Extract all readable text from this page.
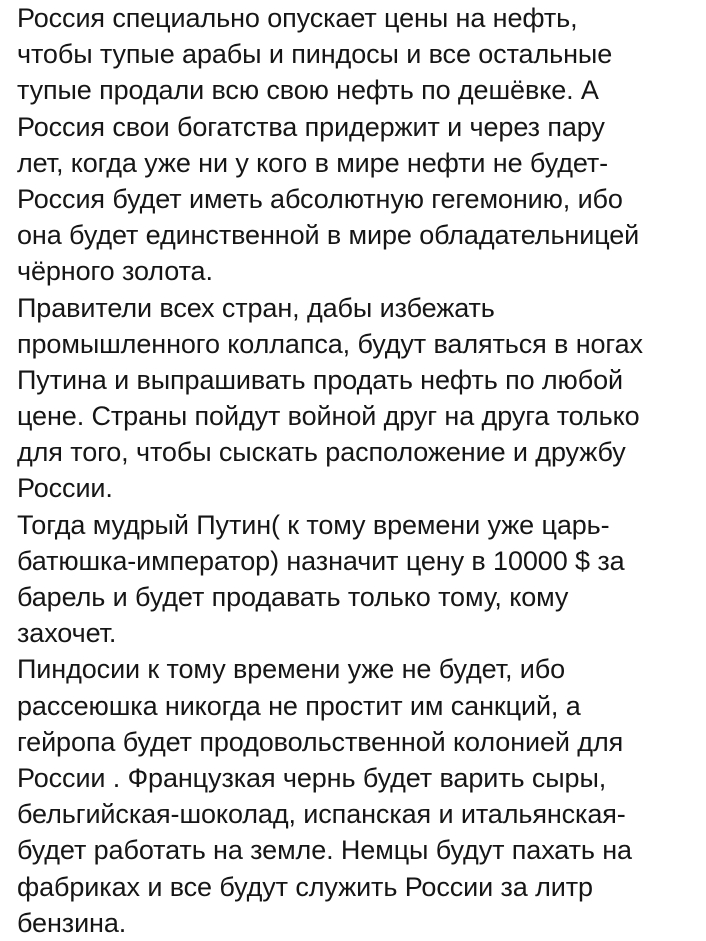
Россия специально опускает цены на нефть,
чтобы тупые арабы и пиндосы и все остальные
тупые продали всю свою нефть по дешёвке. А
Россия свои богатства придержит и через пару
лет, когда уже ни у кого в мире нефти не будет-
Россия будет иметь абсолютную гегемонию, ибо
она будет единственной в мире обладательницей
чёрного золота.
Правители всех стран, дабы избежать
промышленного коллапса, будут валяться в ногах
Путина и выпрашивать продать нефть по любой
цене. Страны пойдут войной друг на друга только
для того, чтобы сыскать расположение и дружбу
России.
Тогда мудрый Путин( к тому времени уже царь-
батюшка-император) назначит цену в 10000 $ за
барель и будет продавать только тому, кому
захочет.
Пиндосии к тому времени уже не будет, ибо
рассеюшка никогда не простит им санкций, а
гейропа будет продовольственной колонией для
России . Французкая чернь будет варить сыры,
бельгийская-шоколад, испанская и итальянская-
будет работать на земле. Немцы будут пахать на
фабриках и все будут служить России за литр
бензина.
